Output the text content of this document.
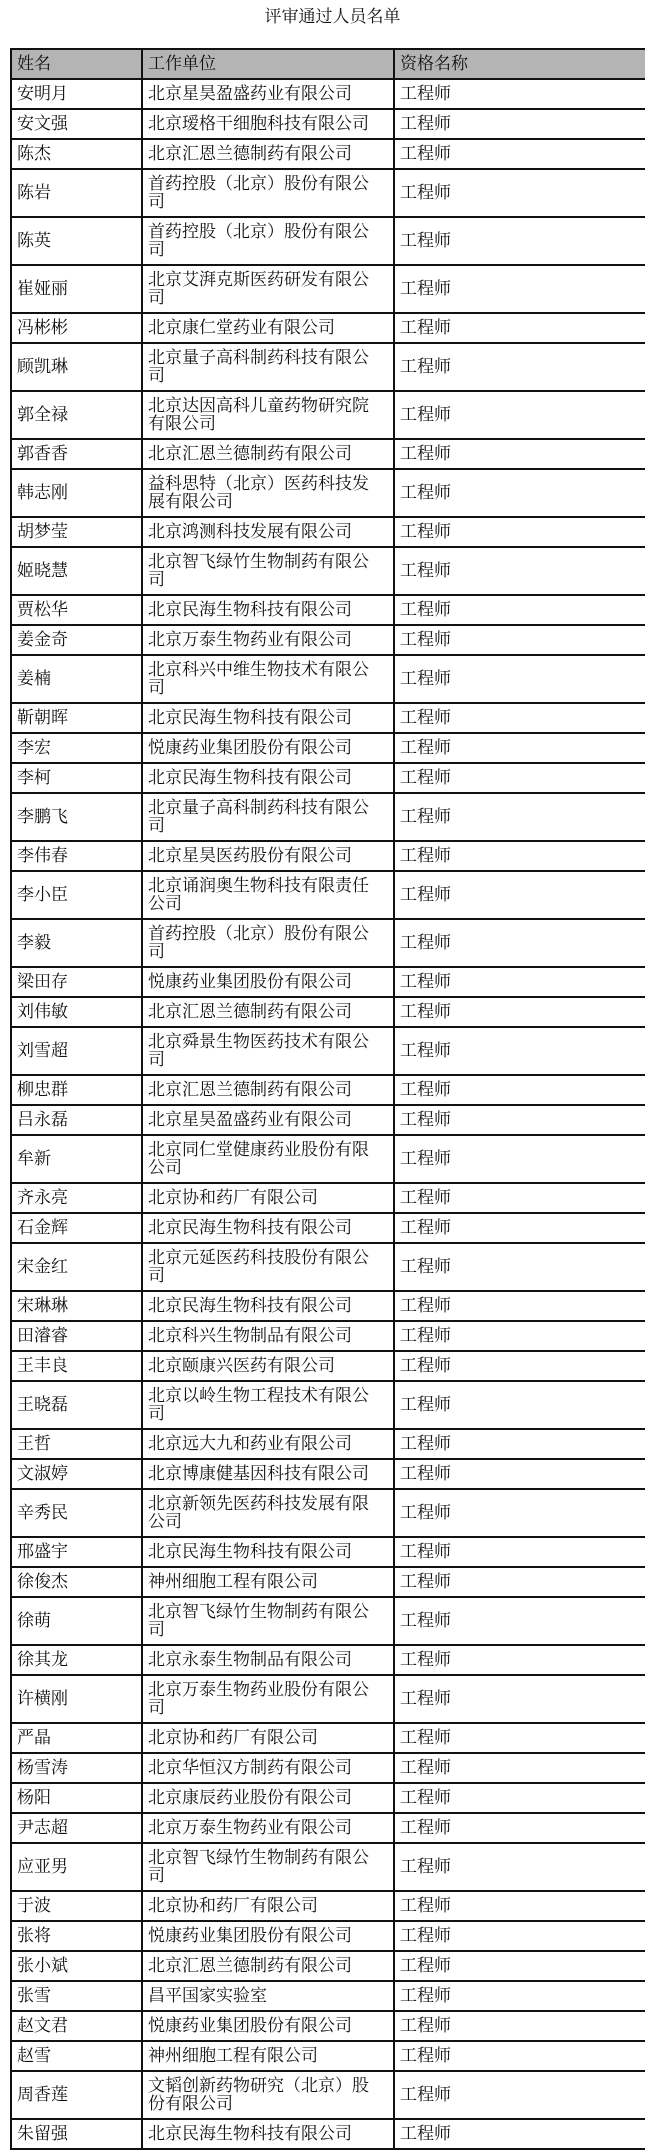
评审通过人员名单
姓名	工作单位	资格名称
安明月	北京星昊盈盛药业有限公司	工程师
安文强	北京瑷格干细胞科技有限公司	工程师
陈杰	北京汇恩兰德制药有限公司	工程师
陈岩	首药控股（北京）股份有限公司	工程师
陈英	首药控股（北京）股份有限公司	工程师
崔娅丽	北京艾湃克斯医药研发有限公司	工程师
冯彬彬	北京康仁堂药业有限公司	工程师
顾凯琳	北京量子高科制药科技有限公司	工程师
郭全禄	北京达因高科儿童药物研究院有限公司	工程师
郭香香	北京汇恩兰德制药有限公司	工程师
韩志刚	益科思特（北京）医药科技发展有限公司	工程师
胡梦莹	北京鸿测科技发展有限公司	工程师
姬晓慧	北京智飞绿竹生物制药有限公司	工程师
贾松华	北京民海生物科技有限公司	工程师
姜金奇	北京万泰生物药业有限公司	工程师
姜楠	北京科兴中维生物技术有限公司	工程师
靳朝晖	北京民海生物科技有限公司	工程师
李宏	悦康药业集团股份有限公司	工程师
李柯	北京民海生物科技有限公司	工程师
李鹏飞	北京量子高科制药科技有限公司	工程师
李伟春	北京星昊医药股份有限公司	工程师
李小臣	北京诵润奥生物科技有限责任公司	工程师
李毅	首药控股（北京）股份有限公司	工程师
梁田存	悦康药业集团股份有限公司	工程师
刘伟敏	北京汇恩兰德制药有限公司	工程师
刘雪超	北京舜景生物医药技术有限公司	工程师
柳忠群	北京汇恩兰德制药有限公司	工程师
吕永磊	北京星昊盈盛药业有限公司	工程师
牟新	北京同仁堂健康药业股份有限公司	工程师
齐永亮	北京协和药厂有限公司	工程师
石金辉	北京民海生物科技有限公司	工程师
宋金红	北京元延医药科技股份有限公司	工程师
宋琳琳	北京民海生物科技有限公司	工程师
田濬睿	北京科兴生物制品有限公司	工程师
王丰良	北京颐康兴医药有限公司	工程师
王晓磊	北京以岭生物工程技术有限公司	工程师
王哲	北京远大九和药业有限公司	工程师
文淑婷	北京博康健基因科技有限公司	工程师
辛秀民	北京新领先医药科技发展有限公司	工程师
邢盛宇	北京民海生物科技有限公司	工程师
徐俊杰	神州细胞工程有限公司	工程师
徐萌	北京智飞绿竹生物制药有限公司	工程师
徐其龙	北京永泰生物制品有限公司	工程师
许横刚	北京万泰生物药业股份有限公司	工程师
严晶	北京协和药厂有限公司	工程师
杨雪涛	北京华恒汉方制药有限公司	工程师
杨阳	北京康辰药业股份有限公司	工程师
尹志超	北京万泰生物药业有限公司	工程师
应亚男	北京智飞绿竹生物制药有限公司	工程师
于波	北京协和药厂有限公司	工程师
张将	悦康药业集团股份有限公司	工程师
张小斌	北京汇恩兰德制药有限公司	工程师
张雪	昌平国家实验室	工程师
赵文君	悦康药业集团股份有限公司	工程师
赵雪	神州细胞工程有限公司	工程师
周香莲	文韬创新药物研究（北京）股份有限公司	工程师
朱留强	北京民海生物科技有限公司	工程师
